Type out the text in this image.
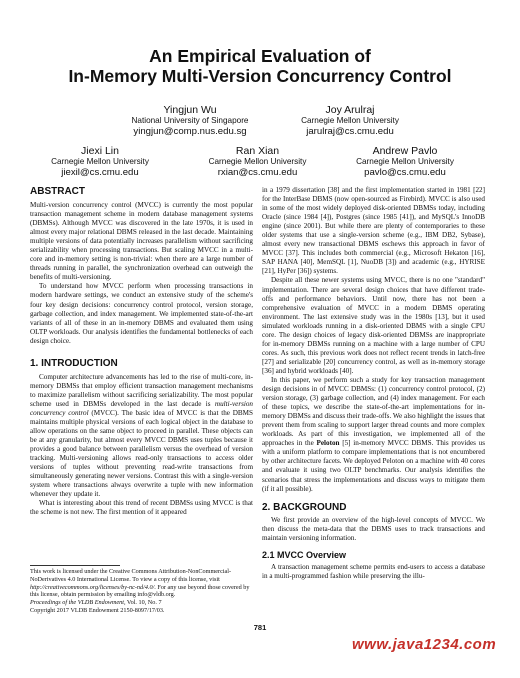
An Empirical Evaluation of
In-Memory Multi-Version Concurrency Control
Yingjun Wu
National University of Singapore
yingjun@comp.nus.edu.sg
Joy Arulraj
Carnegie Mellon University
jarulraj@cs.cmu.edu
Jiexi Lin
Carnegie Mellon University
jiexil@cs.cmu.edu
Ran Xian
Carnegie Mellon University
rxian@cs.cmu.edu
Andrew Pavlo
Carnegie Mellon University
pavlo@cs.cmu.edu
ABSTRACT

Multi-version concurrency control (MVCC) is currently the most popular transaction management scheme in modern database management systems (DBMSs). Although MVCC was discovered in the late 1970s, it is used in almost every major relational DBMS released in the last decade. Maintaining multiple versions of data potentially increases parallelism without sacrificing serializability when processing transactions. But scaling MVCC in a multi-core and in-memory setting is non-trivial: when there are a large number of threads running in parallel, the synchronization overhead can outweigh the benefits of multi-versioning.

To understand how MVCC perform when processing transactions in modern hardware settings, we conduct an extensive study of the scheme's four key design decisions: concurrency control protocol, version storage, garbage collection, and index management. We implemented state-of-the-art variants of all of these in an in-memory DBMS and evaluated them using OLTP workloads. Our analysis identifies the fundamental bottlenecks of each design choice.

1. INTRODUCTION

Computer architecture advancements has led to the rise of multi-core, in-memory DBMSs that employ efficient transaction management mechanisms to maximize parallelism without sacrificing serializability. The most popular scheme used in DBMSs developed in the last decade is multi-version concurrency control (MVCC). The basic idea of MVCC is that the DBMS maintains multiple physical versions of each logical object in the database to allow operations on the same object to proceed in parallel. These objects can be at any granularity, but almost every MVCC DBMS uses tuples because it provides a good balance between parallelism versus the overhead of version tracking. Multi-versioning allows read-only transactions to access older versions of tuples without preventing read-write transactions from simultaneously generating newer versions. Contrast this with a single-version system where transactions always overwrite a tuple with new information whenever they update it.

What is interesting about this trend of recent DBMSs using MVCC is that the scheme is not new. The first mention of it appeared

This work is licensed under the Creative Commons Attribution-NonCommercial-NoDerivatives 4.0 International License. To view a copy of this license, visit http://creativecommons.org/licenses/by-nc-nd/4.0/. For any use beyond those covered by this license, obtain permission by emailing info@vldb.org.

Proceedings of the VLDB Endowment, Vol. 10, No. 7

Copyright 2017 VLDB Endowment 2150-8097/17/03.

in a 1979 dissertation [38] and the first implementation started in 1981 [22] for the InterBase DBMS (now open-sourced as Firebird). MVCC is also used in some of the most widely deployed disk-oriented DBMSs today, including Oracle (since 1984 [4]), Postgres (since 1985 [41]), and MySQL's InnoDB engine (since 2001). But while there are plenty of contemporaries to these older systems that use a single-version scheme (e.g., IBM DB2, Sybase), almost every new transactional DBMS eschews this approach in favor of MVCC [37]. This includes both commercial (e.g., Microsoft Hekaton [16], SAP HANA [40], MemSQL [1], NuoDB [3]) and academic (e.g., HYRISE [21], HyPer [36]) systems.

Despite all these newer systems using MVCC, there is no one "standard" implementation. There are several design choices that have different trade-offs and performance behaviors. Until now, there has not been a comprehensive evaluation of MVCC in a modern DBMS operating environment. The last extensive study was in the 1980s [13], but it used simulated workloads running in a disk-oriented DBMS with a single CPU core. The design choices of legacy disk-oriented DBMSs are inappropriate for in-memory DBMSs running on a machine with a large number of CPU cores. As such, this previous work does not reflect recent trends in latch-free [27] and serializable [20] concurrency control, as well as in-memory storage [36] and hybrid workloads [40].

In this paper, we perform such a study for key transaction management design decisions in of MVCC DBMSs: (1) concurrency control protocol, (2) version storage, (3) garbage collection, and (4) index management. For each of these topics, we describe the state-of-the-art implementations for in-memory DBMSs and discuss their trade-offs. We also highlight the issues that prevent them from scaling to support larger thread counts and more complex workloads. As part of this investigation, we implemented all of the approaches in the Peloton [5] in-memory MVCC DBMS. This provides us with a uniform platform to compare implementations that is not encumbered by other architecture facets. We deployed Peloton on a machine with 40 cores and evaluate it using two OLTP benchmarks. Our analysis identifies the scenarios that stress the implementations and discuss ways to mitigate them (if it all possible).

2. BACKGROUND

We first provide an overview of the high-level concepts of MVCC. We then discuss the meta-data that the DBMS uses to track transactions and maintain versioning information.

2.1 MVCC Overview

A transaction management scheme permits end-users to access a database in a multi-programmed fashion while preserving the illu-

781
www.java1234.com
